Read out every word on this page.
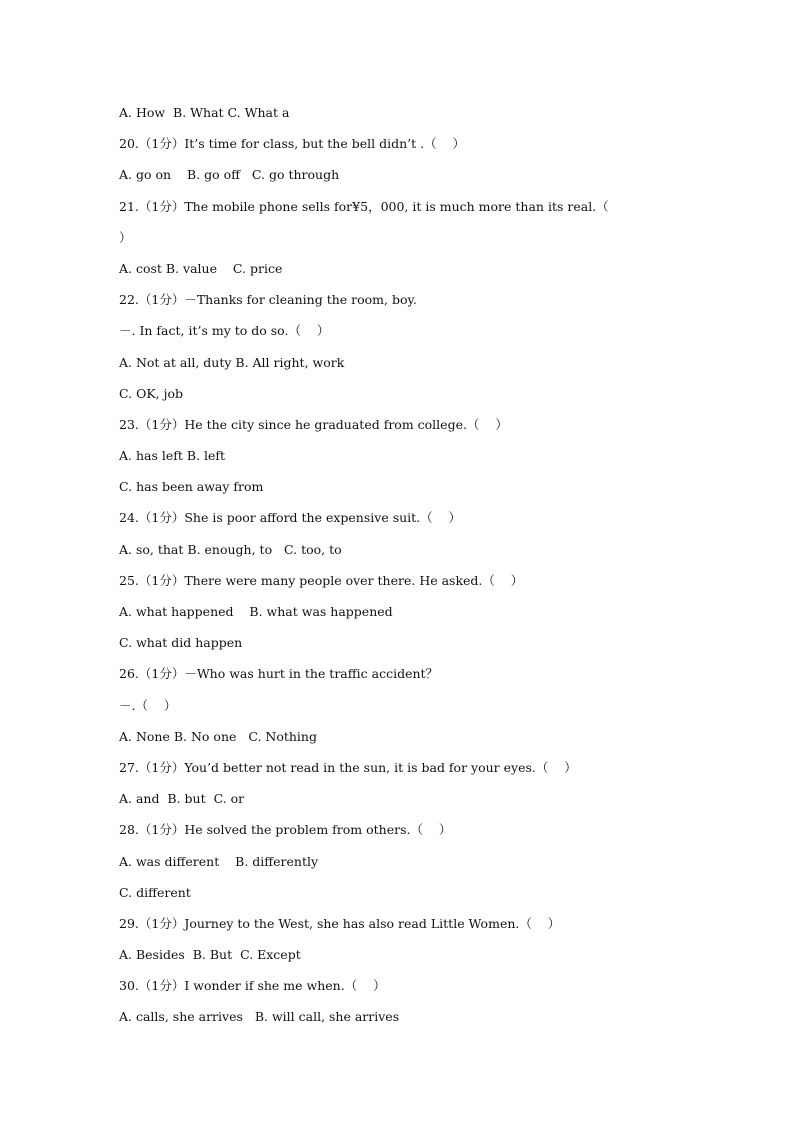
A. How  B. What C. What a
20.（1分）It’s time for class, but the bell didn’t .（    ）
A. go on    B. go off   C. go through
21.（1分）The mobile phone sells for¥5，000, it is much more than its real.（
）
A. cost B. value    C. price
22.（1分）－Thanks for cleaning the room, boy.
－. In fact, it’s my to do so.（    ）
A. Not at all, duty B. All right, work
C. OK, job
23.（1分）He the city since he graduated from college.（    ）
A. has left B. left
C. has been away from
24.（1分）She is poor afford the expensive suit.（    ）
A. so, that B. enough, to   C. too, to
25.（1分）There were many people over there. He asked.（    ）
A. what happened    B. what was happened
C. what did happen
26.（1分）－Who was hurt in the traffic accident？
－.（    ）
A. None B. No one   C. Nothing
27.（1分）You’d better not read in the sun, it is bad for your eyes.（    ）
A. and  B. but  C. or
28.（1分）He solved the problem from others.（    ）
A. was different    B. differently
C. different
29.（1分）Journey to the West, she has also read Little Women.（    ）
A. Besides  B. But  C. Except
30.（1分）I wonder if she me when.（    ）
A. calls, she arrives   B. will call, she arrives
